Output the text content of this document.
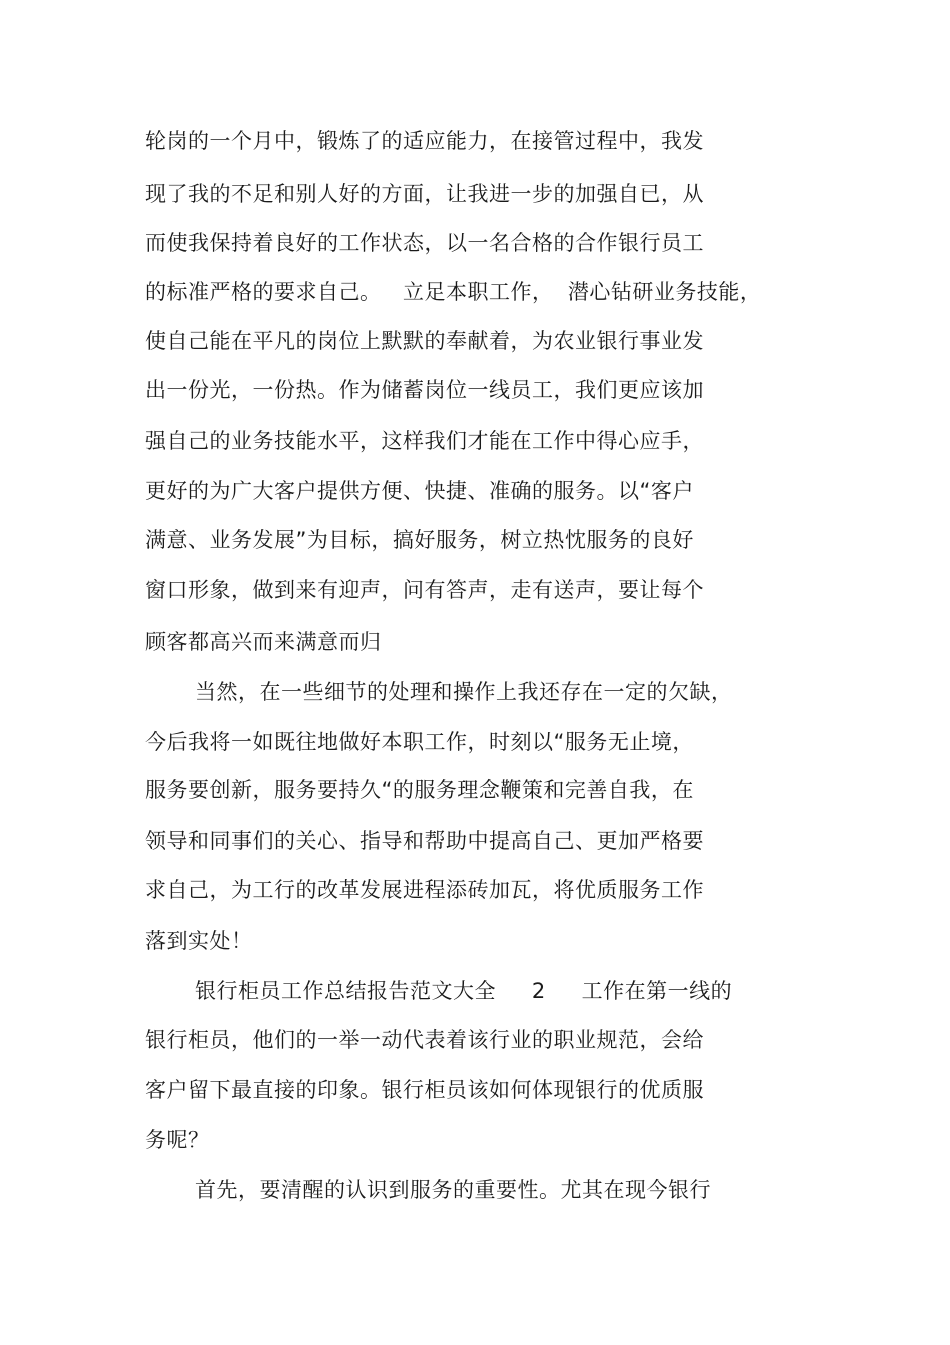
轮岗的一个月中，锻炼了的适应能力，在接管过程中，我发
现了我的不足和别人好的方面，让我进一步的加强自已，从
而使我保持着良好的工作状态，以一名合格的合作银行员工
的标准严格的要求自己。   立足本职工作，  潜心钻研业务技能，
使自己能在平凡的岗位上默默的奉献着，为农业银行事业发
出一份光，一份热。作为储蓄岗位一线员工，我们更应该加
强自己的业务技能水平，这样我们才能在工作中得心应手，
更好的为广大客户提供方便、快捷、准确的服务。以“客户
满意、业务发展”为目标，搞好服务，树立热忱服务的良好
窗口形象，做到来有迎声，问有答声，走有送声，要让每个
顾客都高兴而来满意而归
当然，在一些细节的处理和操作上我还存在一定的欠缺，
今后我将一如既往地做好本职工作，时刻以“服务无止境，
服务要创新，服务要持久“的服务理念鞭策和完善自我，在
领导和同事们的关心、指导和帮助中提高自己、更加严格要
求自己，为工行的改革发展进程添砖加瓦，将优质服务工作
落到实处！
银行柜员工作总结报告范文大全     2     工作在第一线的
银行柜员，他们的一举一动代表着该行业的职业规范，会给
客户留下最直接的印象。银行柜员该如何体现银行的优质服
务呢？
首先，要清醒的认识到服务的重要性。尤其在现今银行
